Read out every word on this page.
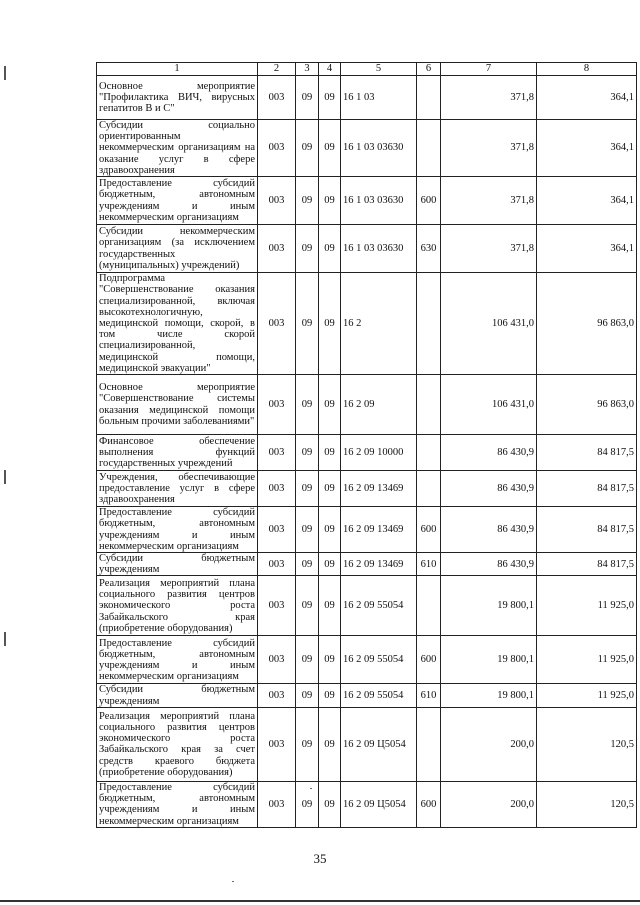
1	2	3	4	5	6	7	8
Основное мероприятие "Профилактика ВИЧ, вирусных гепатитов В и С"	003	09	09	16 1 03		371,8	364,1
Субсидии социально ориентированным некоммерческим организациям на оказание услуг в сфере здравоохранения	003	09	09	16 1 03 03630		371,8	364,1
Предоставление субсидий бюджетным, автономным учреждениям и иным некоммерческим организациям	003	09	09	16 1 03 03630	600	371,8	364,1
Субсидии некоммерческим организациям (за исключением государственных (муниципальных) учреждений)	003	09	09	16 1 03 03630	630	371,8	364,1
Подпрограмма "Совершенствование оказания специализированной, включая высокотехнологичную, медицинской помощи, скорой, в том числе скорой специализированной, медицинской помощи, медицинской эвакуации"	003	09	09	16 2		106 431,0	96 863,0
Основное мероприятие "Совершенствование системы оказания медицинской помощи больным прочими заболеваниями"	003	09	09	16 2 09		106 431,0	96 863,0
Финансовое обеспечение выполнения функций государственных учреждений	003	09	09	16 2 09 10000		86 430,9	84 817,5
Учреждения, обеспечивающие предоставление услуг в сфере здравоохранения	003	09	09	16 2 09 13469		86 430,9	84 817,5
Предоставление субсидий бюджетным, автономным учреждениям и иным некоммерческим организациям	003	09	09	16 2 09 13469	600	86 430,9	84 817,5
Субсидии бюджетным учреждениям	003	09	09	16 2 09 13469	610	86 430,9	84 817,5
Реализация мероприятий плана социального развития центров экономического роста Забайкальского края (приобретение оборудования)	003	09	09	16 2 09 55054		19 800,1	11 925,0
Предоставление субсидий бюджетным, автономным учреждениям и иным некоммерческим организациям	003	09	09	16 2 09 55054	600	19 800,1	11 925,0
Субсидии бюджетным учреждениям	003	09	09	16 2 09 55054	610	19 800,1	11 925,0
Реализация мероприятий плана социального развития центров экономического роста Забайкальского края за счет средств краевого бюджета (приобретение оборудования)	003	09	09	16 2 09 Ц5054		200,0	120,5
Предоставление субсидий бюджетным, автономным учреждениям и иным некоммерческим организациям	003	09	09	16 2 09 Ц5054	600	200,0	120,5
35
